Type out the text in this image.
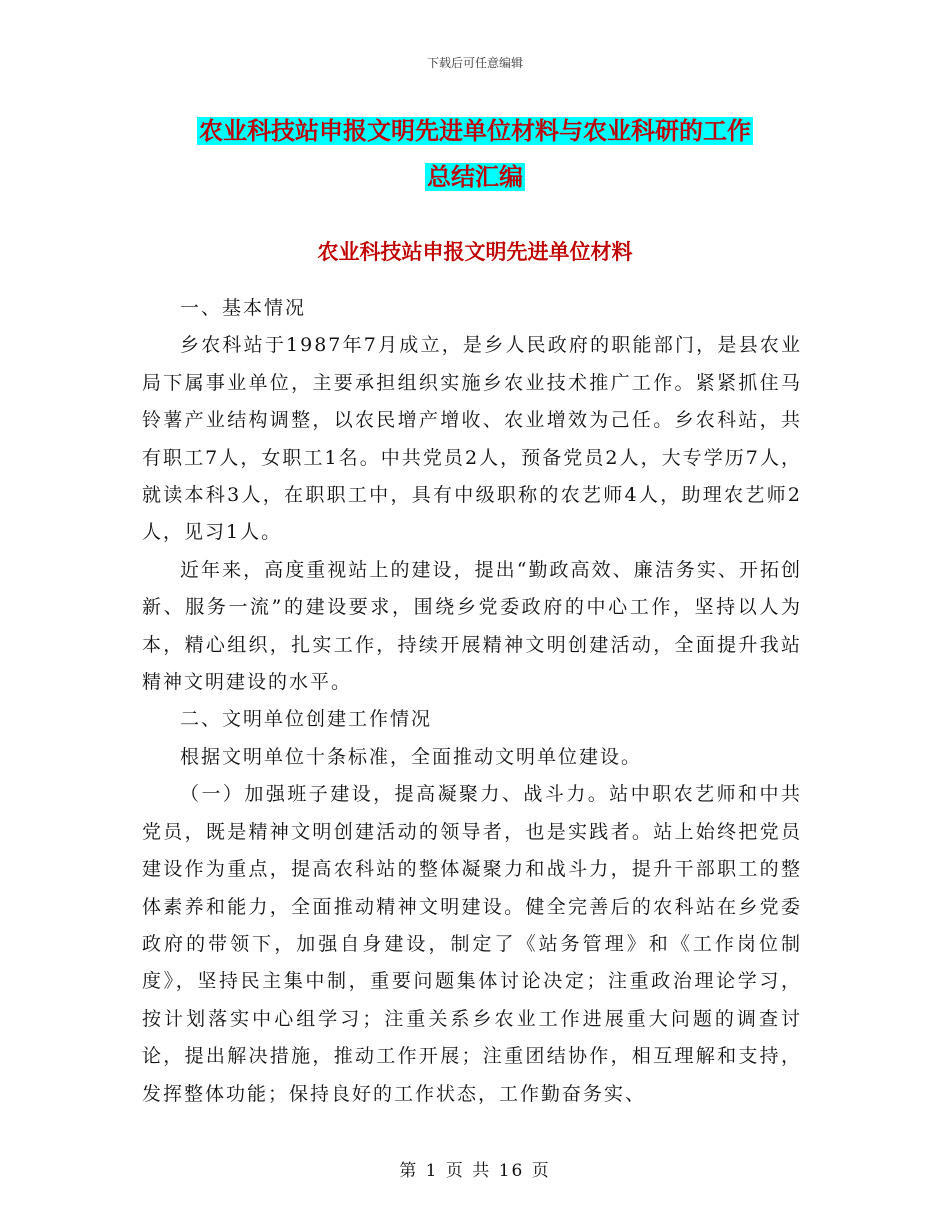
下载后可任意编辑
农业科技站申报文明先进单位材料与农业科研的工作
总结汇编
农业科技站申报文明先进单位材料

一、基本情况

乡农科站于1987年7月成立，是乡人民政府的职能部门，是县农业局下属事业单位，主要承担组织实施乡农业技术推广工作。紧紧抓住马铃薯产业结构调整，以农民增产增收、农业增效为己任。乡农科站，共有职工7人，女职工1名。中共党员2人，预备党员2人，大专学历7人，就读本科3人，在职职工中，具有中级职称的农艺师4人，助理农艺师2人，见习1人。

近年来，高度重视站上的建设，提出“勤政高效、廉洁务实、开拓创新、服务一流”的建设要求，围绕乡党委政府的中心工作，坚持以人为本，精心组织，扎实工作，持续开展精神文明创建活动，全面提升我站精神文明建设的水平。

二、文明单位创建工作情况

根据文明单位十条标准，全面推动文明单位建设。

（一）加强班子建设，提高凝聚力、战斗力。站中职农艺师和中共党员，既是精神文明创建活动的领导者，也是实践者。站上始终把党员建设作为重点，提高农科站的整体凝聚力和战斗力，提升干部职工的整体素养和能力，全面推动精神文明建设。健全完善后的农科站在乡党委政府的带领下，加强自身建设，制定了《站务管理》和《工作岗位制度》，坚持民主集中制，重要问题集体讨论决定；注重政治理论学习，按计划落实中心组学习；注重关系乡农业工作进展重大问题的调查讨论，提出解决措施，推动工作开展；注重团结协作，相互理解和支持，发挥整体功能；保持良好的工作状态，工作勤奋务实、

第 1 页 共 16 页
